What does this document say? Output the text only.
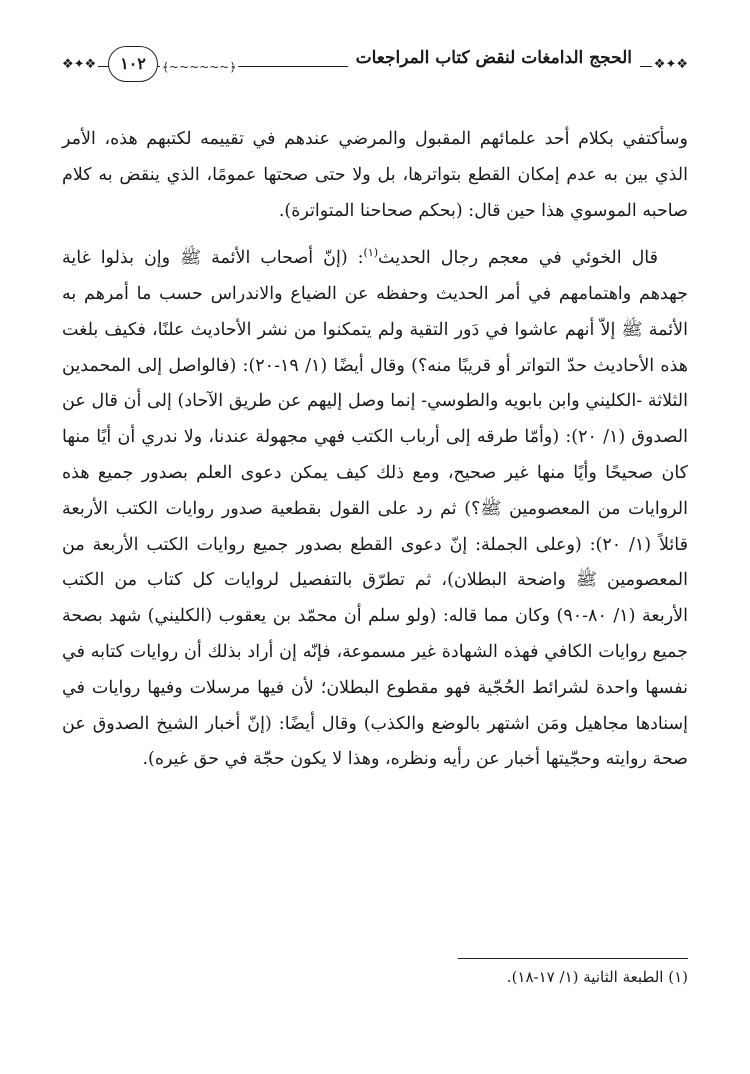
❖✦❖	١٠٢	﴾~~~~~~﴿	الحجج الدامغات لنقض كتاب المراجعات	❖✦❖

وسأكتفي بكلام أحد علمائهم المقبول والمرضي عندهم في تقييمه لكتبهم هذه، الأمر الذي بين به عدم إمكان القطع بتواترها، بل ولا حتى صحتها عمومًا، الذي ينقض به كلام صاحبه الموسوي هذا حين قال: (بحكم صحاحنا المتواترة).

قال الخوئي في معجم رجال الحديث$^{(١)}$: (إنّ أصحاب الأئمة ﷺ وإن بذلوا غاية جهدهم واهتمامهم في أمر الحديث وحفظه عن الضياع والاندراس حسب ما أمرهم به الأئمة ﷺ إلاّ أنهم عاشوا في دَور التقية ولم يتمكنوا من نشر الأحاديث علنًا، فكيف بلغت هذه الأحاديث حدّ التواتر أو قريبًا منه؟) وقال أيضًا (١/ ١٩-٢٠): (فالواصل إلى المحمدين الثلاثة -الكليني وابن بابويه والطوسي- إنما وصل إليهم عن طريق الآحاد) إلى أن قال عن الصدوق (١/ ٢٠): (وأمّا طرقه إلى أرباب الكتب فهي مجهولة عندنا، ولا ندري أن أيًا منها كان صحيحًا وأيًا منها غير صحيح، ومع ذلك كيف يمكن دعوى العلم بصدور جميع هذه الروايات من المعصومين ﷺ؟) ثم رد على القول بقطعية صدور روايات الكتب الأربعة قائلاً (١/ ٢٠): (وعلى الجملة: إنّ دعوى القطع بصدور جميع روايات الكتب الأربعة من المعصومين ﷺ واضحة البطلان)، ثم تطرّق بالتفصيل لروايات كل كتاب من الكتب الأربعة (١/ ٨٠-٩٠) وكان مما قاله: (ولو سلم أن محمّد بن يعقوب (الكليني) شهد بصحة جميع روايات الكافي فهذه الشهادة غير مسموعة، فإنّه إن أراد بذلك أن روايات كتابه في نفسها واحدة لشرائط الحُجّية فهو مقطوع البطلان؛ لأن فيها مرسلات وفيها روايات في إسنادها مجاهيل ومَن اشتهر بالوضع والكذب) وقال أيضًا: (إنّ أخبار الشيخ الصدوق عن صحة روايته وحجّيتها أخبار عن رأيه ونظره، وهذا لا يكون حجّة في حق غيره).

(١) الطبعة الثانية (١/ ١٧-١٨).
